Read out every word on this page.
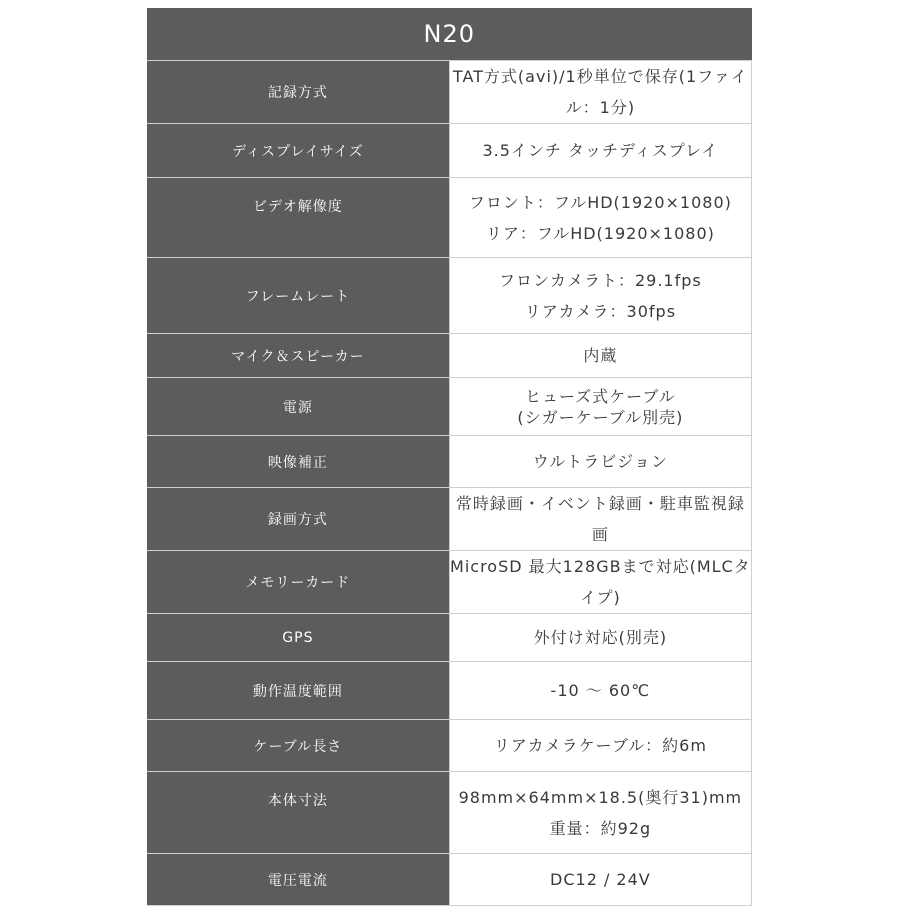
N20	

記録方式	TAT方式(avi)/1秒単位で保存(1ファイル：1分)

ディスプレイサイズ	3.5インチ タッチディスプレイ

ビデオ解像度	フロント：フルHD(1920×1080)
リア：フルHD(1920×1080)

フレームレート	フロンカメラト：29.1fps
リアカメラ：30fps

マイク＆スピーカー	内蔵

電源	ヒューズ式ケーブル
(シガーケーブル別売)

映像補正	ウルトラビジョン

録画方式	常時録画・イベント録画・駐車監視録画

メモリーカード	MicroSD 最大128GBまで対応(MLCタイプ)

GPS	外付け対応(別売)

動作温度範囲	-10 ～ 60℃

ケーブル長さ	リアカメラケーブル：約6m

本体寸法	98mm×64mm×18.5(奥行31)mm
重量：約92g

電圧電流	DC12 / 24V
